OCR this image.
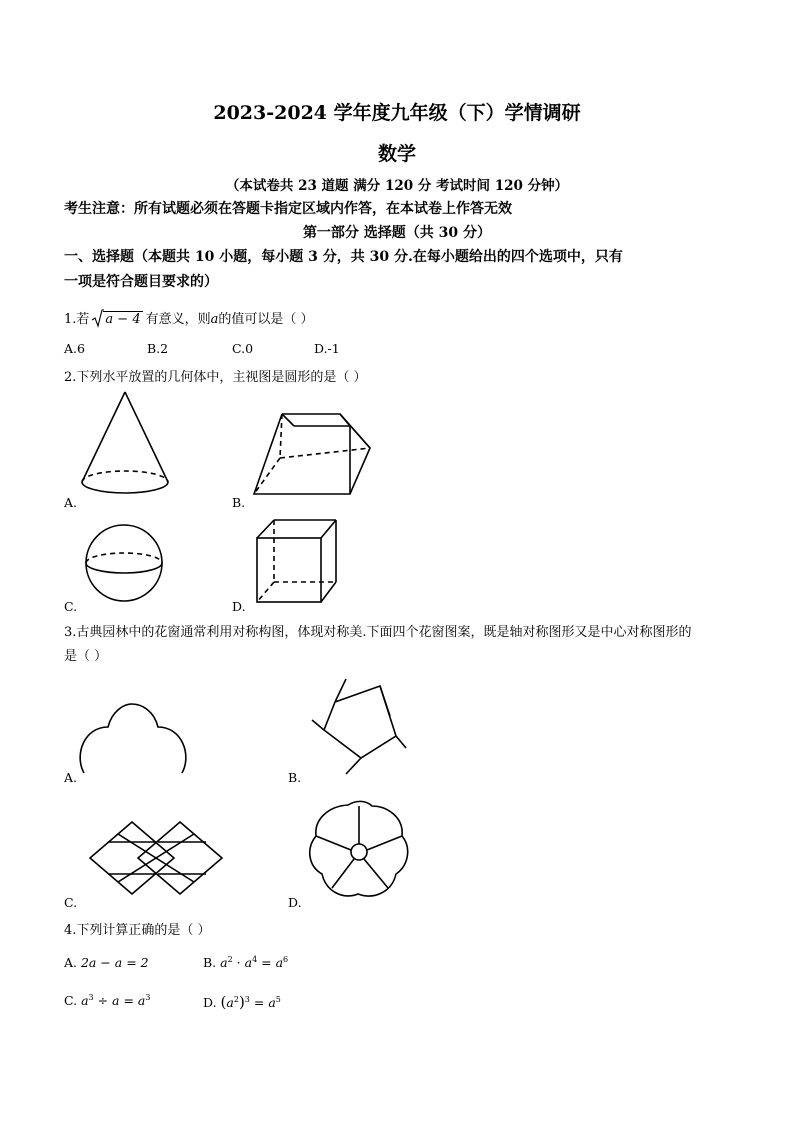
2023-2024 学年度九年级（下）学情调研
数学
（本试卷共 23 道题 满分 120 分 考试时间 120 分钟）
考生注意：所有试题必须在答题卡指定区域内作答，在本试卷上作答无效
第一部分 选择题（共 30 分）
一、选择题（本题共 10 小题，每小题 3 分，共 30 分.在每小题给出的四个选项中，只有
一项是符合题目要求的）
1.若 a − 4 有意义，则a的值可以是（ ）
A.6	B.2	C.0	D.-1
2.下列水平放置的几何体中，主视图是圆形的是（ ）
A.	B.
C.	D.
3.古典园林中的花窗通常利用对称构图，体现对称美.下面四个花窗图案，既是轴对称图形又是中心对称图形的
是（ ）
A.	B.
C.	D.
4.下列计算正确的是（ ）
A. 2a − a = 2	B. $a^2 \cdot a^4 = a^6$
C. $a^3 \div a = a^3$	D. $(a^2)^3 = a^5$
